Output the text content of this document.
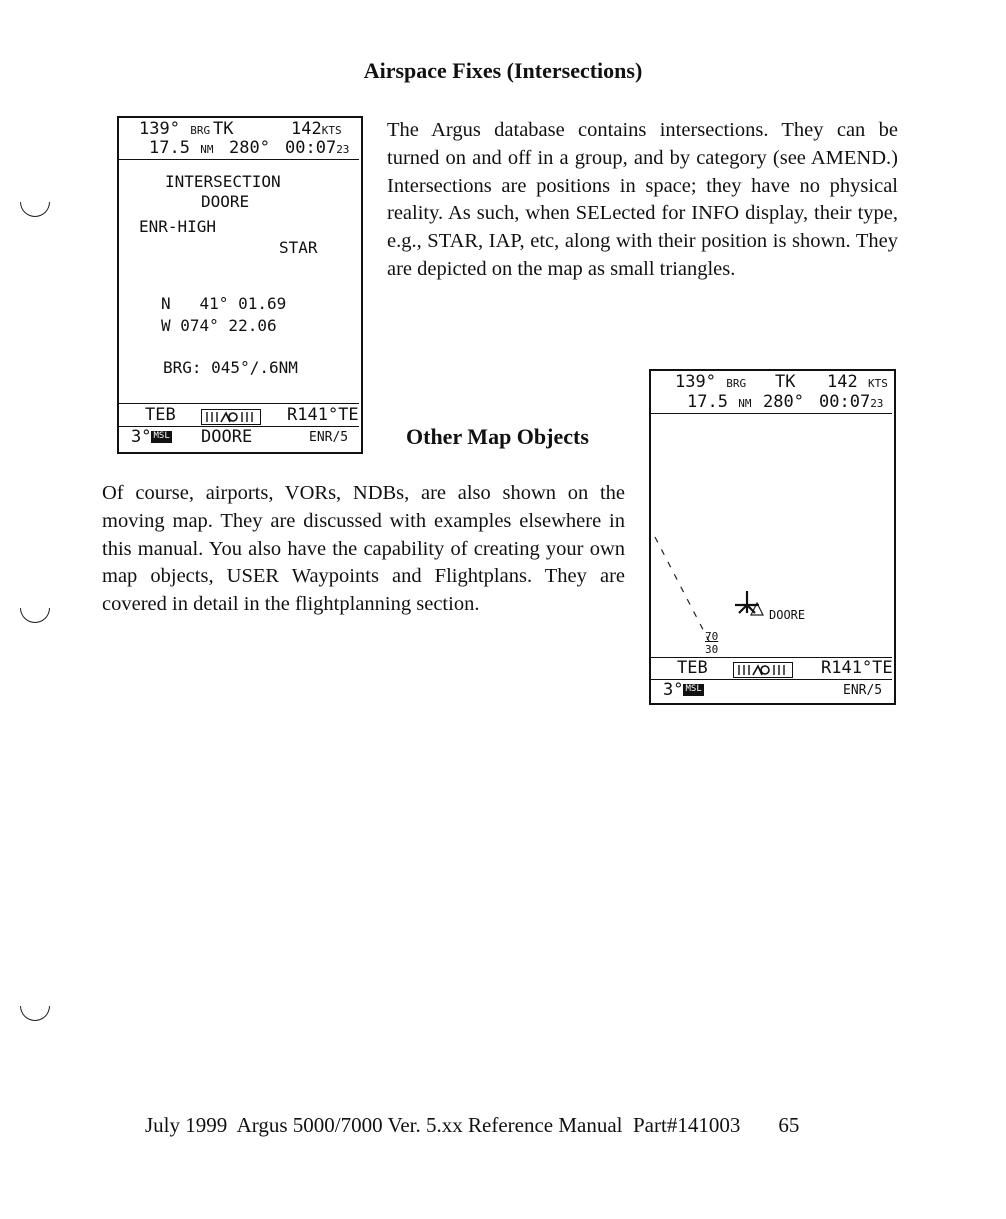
Airspace Fixes (Intersections)
139° BRG TK	142KTS
17.5 NM 280° 00:0723
INTERSECTION
DOORE
ENR-HIGH
STAR
N   41° 01.69
W 074° 22.06
BRG: 045°/.6NM
TEB	R141°TE
3° MSL DOORE	ENR/5
The Argus database contains intersections. They can be turned on and off in a group, and by category (see AMEND.) Intersections are positions in space; they have no physical reality. As such, when SELected for INFO display, their type, e.g., STAR, IAP, etc, along with their position is shown. They are depicted on the map as small triangles.
Other Map Objects
Of course, airports, VORs, NDBs, are also shown on the moving map. They are discussed with examples elsewhere in this manual. You also have the capability of creating your own map objects, USER Waypoints and Flightplans. They are covered in detail in the flightplanning section.
139° BRG TK 142 KTS
17.5 NM 280° 00:0723
DOORE
70
30
TEB	R141°TE
3° MSL	ENR/5
July 1999  Argus 5000/7000 Ver. 5.xx Reference Manual  Part#141003 65
